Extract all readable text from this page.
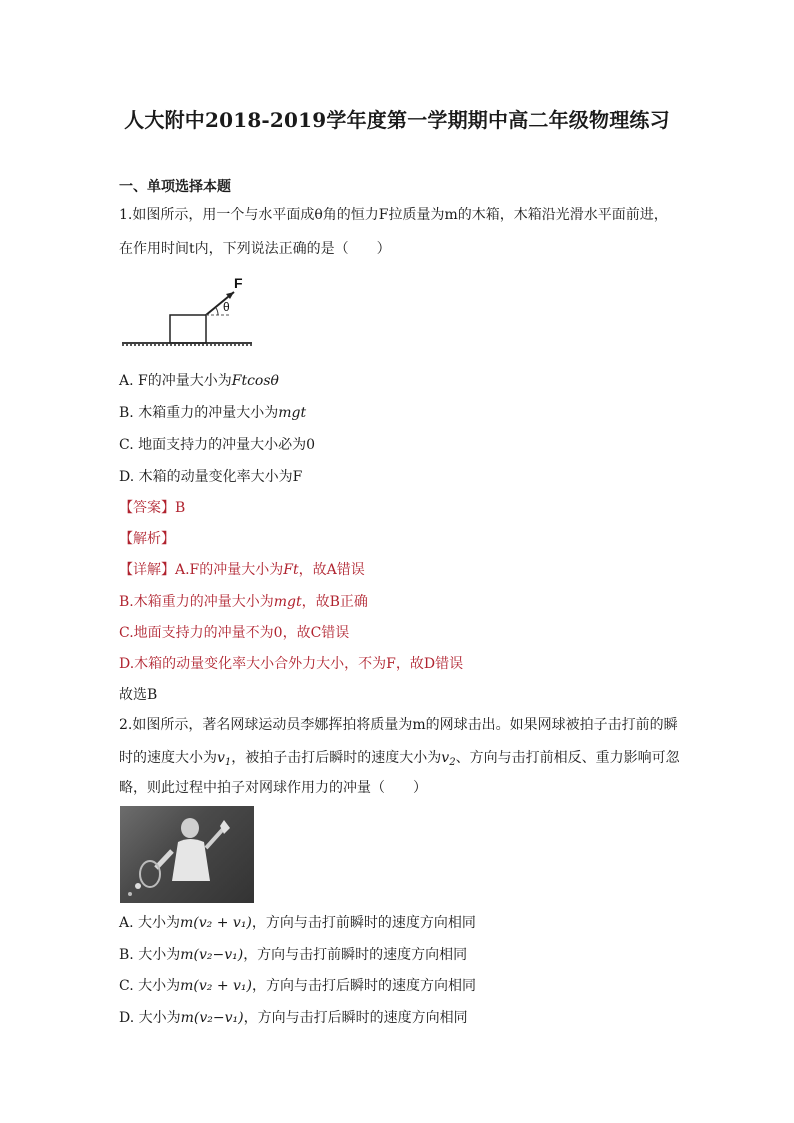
人大附中2018-2019学年度第一学期期中高二年级物理练习
一、单项选择本题
1.如图所示，用一个与水平面成θ角的恒力F拉质量为m的木箱，木箱沿光滑水平面前进，
在作用时间t内，下列说法正确的是（　　）
F
θ
A. F的冲量大小为Ftcosθ
B. 木箱重力的冲量大小为mgt
C. 地面支持力的冲量大小必为0
D. 木箱的动量变化率大小为F
【答案】B
【解析】
【详解】A.F的冲量大小为Ft，故A错误
B.木箱重力的冲量大小为mgt，故B正确
C.地面支持力的冲量不为0，故C错误
D.木箱的动量变化率大小合外力大小，不为F，故D错误
故选B
2.如图所示，著名网球运动员李娜挥拍将质量为m的网球击出。如果网球被拍子击打前的瞬
时的速度大小为$v_1$，被拍子击打后瞬时的速度大小为$v_2$、方向与击打前相反、重力影响可忽
略，则此过程中拍子对网球作用力的冲量（　　）
A. 大小为m(v₂ + v₁)，方向与击打前瞬时的速度方向相同
B. 大小为m(v₂−v₁)，方向与击打前瞬时的速度方向相同
C. 大小为m(v₂ + v₁)，方向与击打后瞬时的速度方向相同
D. 大小为m(v₂−v₁)，方向与击打后瞬时的速度方向相同
